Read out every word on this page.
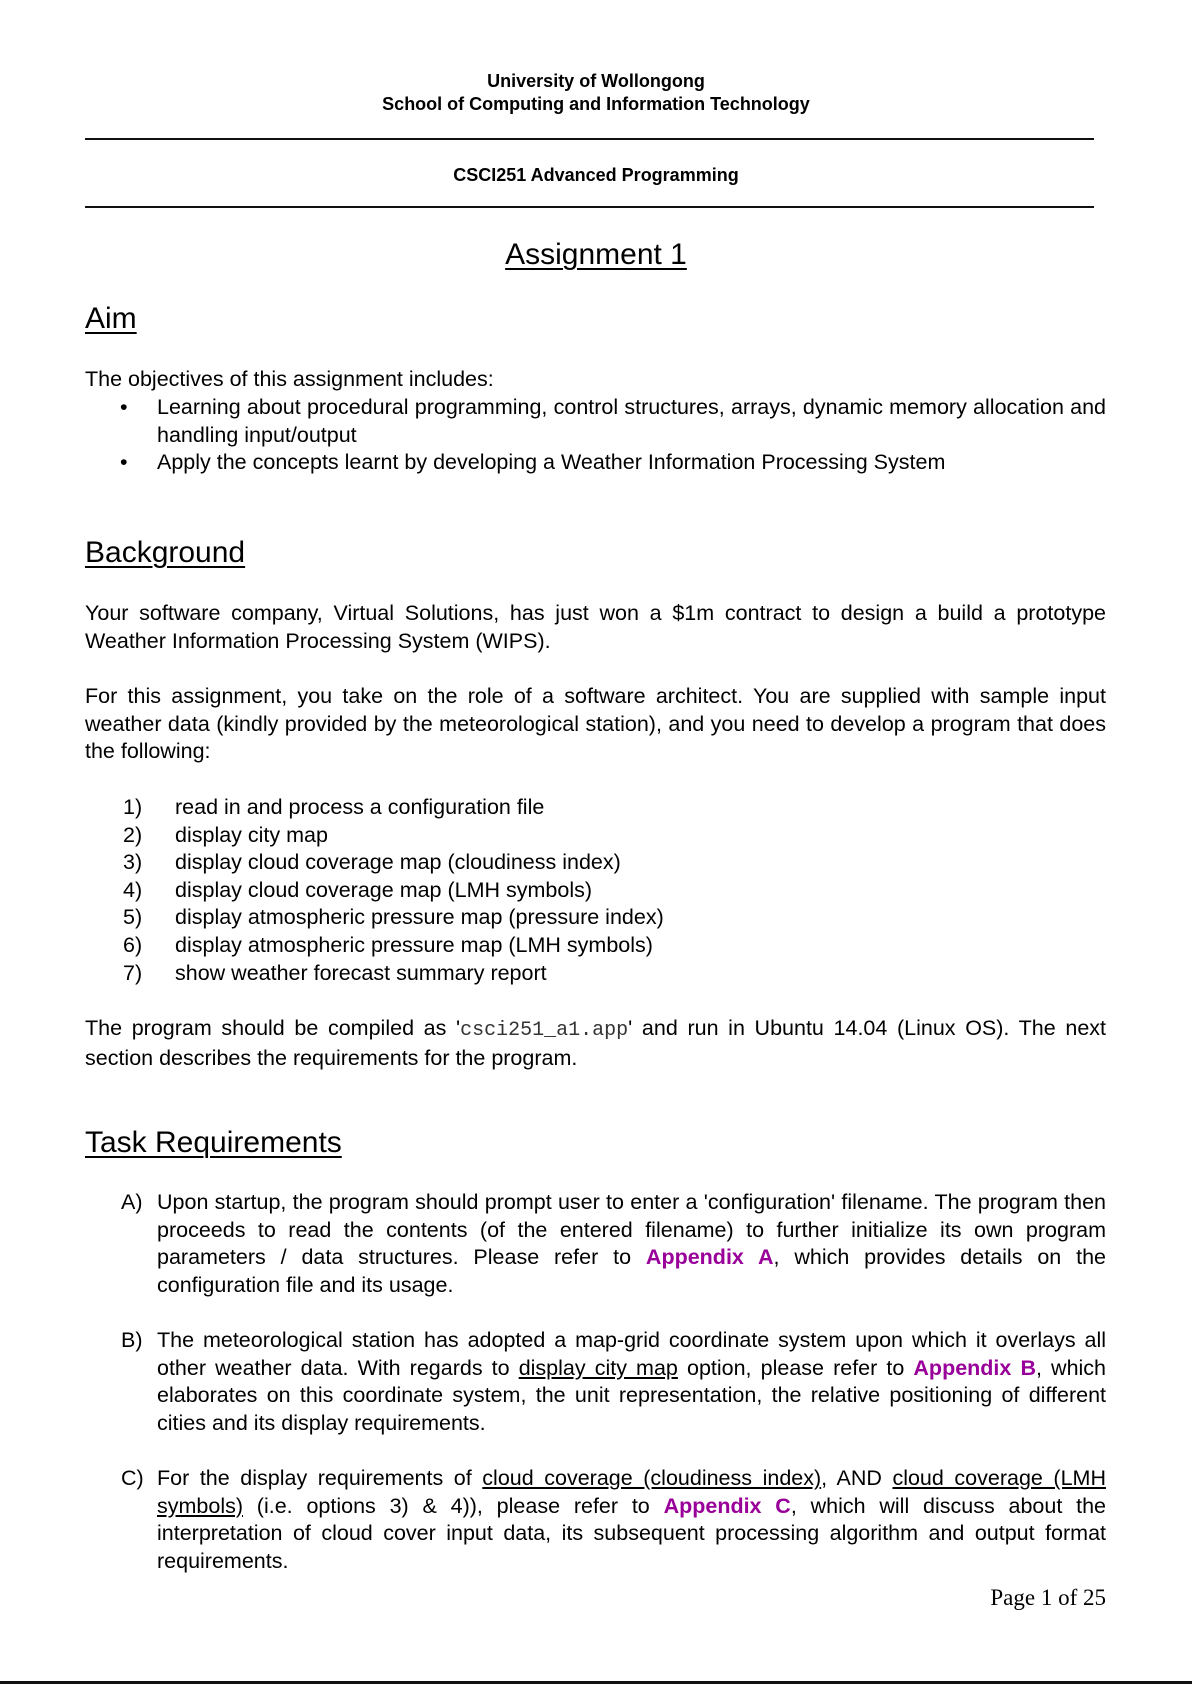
University of Wollongong
School of Computing and Information Technology
CSCI251 Advanced Programming
Assignment 1
Aim
The objectives of this assignment includes:
• Learning about procedural programming, control structures, arrays, dynamic memory allocation and handling input/output
• Apply the concepts learnt by developing a Weather Information Processing System
Background
Your software company, Virtual Solutions, has just won a $1m contract to design a build a prototype Weather Information Processing System (WIPS).
For this assignment, you take on the role of a software architect. You are supplied with sample input weather data (kindly provided by the meteorological station), and you need to develop a program that does the following:
1) read in and process a configuration file
2) display city map
3) display cloud coverage map (cloudiness index)
4) display cloud coverage map (LMH symbols)
5) display atmospheric pressure map (pressure index)
6) display atmospheric pressure map (LMH symbols)
7) show weather forecast summary report
The program should be compiled as 'csci251_a1.app' and run in Ubuntu 14.04 (Linux OS). The next section describes the requirements for the program.
Task Requirements
A) Upon startup, the program should prompt user to enter a 'configuration' filename. The program then proceeds to read the contents (of the entered filename) to further initialize its own program parameters / data structures. Please refer to Appendix A, which provides details on the configuration file and its usage.
B) The meteorological station has adopted a map-grid coordinate system upon which it overlays all other weather data. With regards to display city map option, please refer to Appendix B, which elaborates on this coordinate system, the unit representation, the relative positioning of different cities and its display requirements.
C) For the display requirements of cloud coverage (cloudiness index), AND cloud coverage (LMH symbols) (i.e. options 3) & 4)), please refer to Appendix C, which will discuss about the interpretation of cloud cover input data, its subsequent processing algorithm and output format requirements.
Page 1 of 25
